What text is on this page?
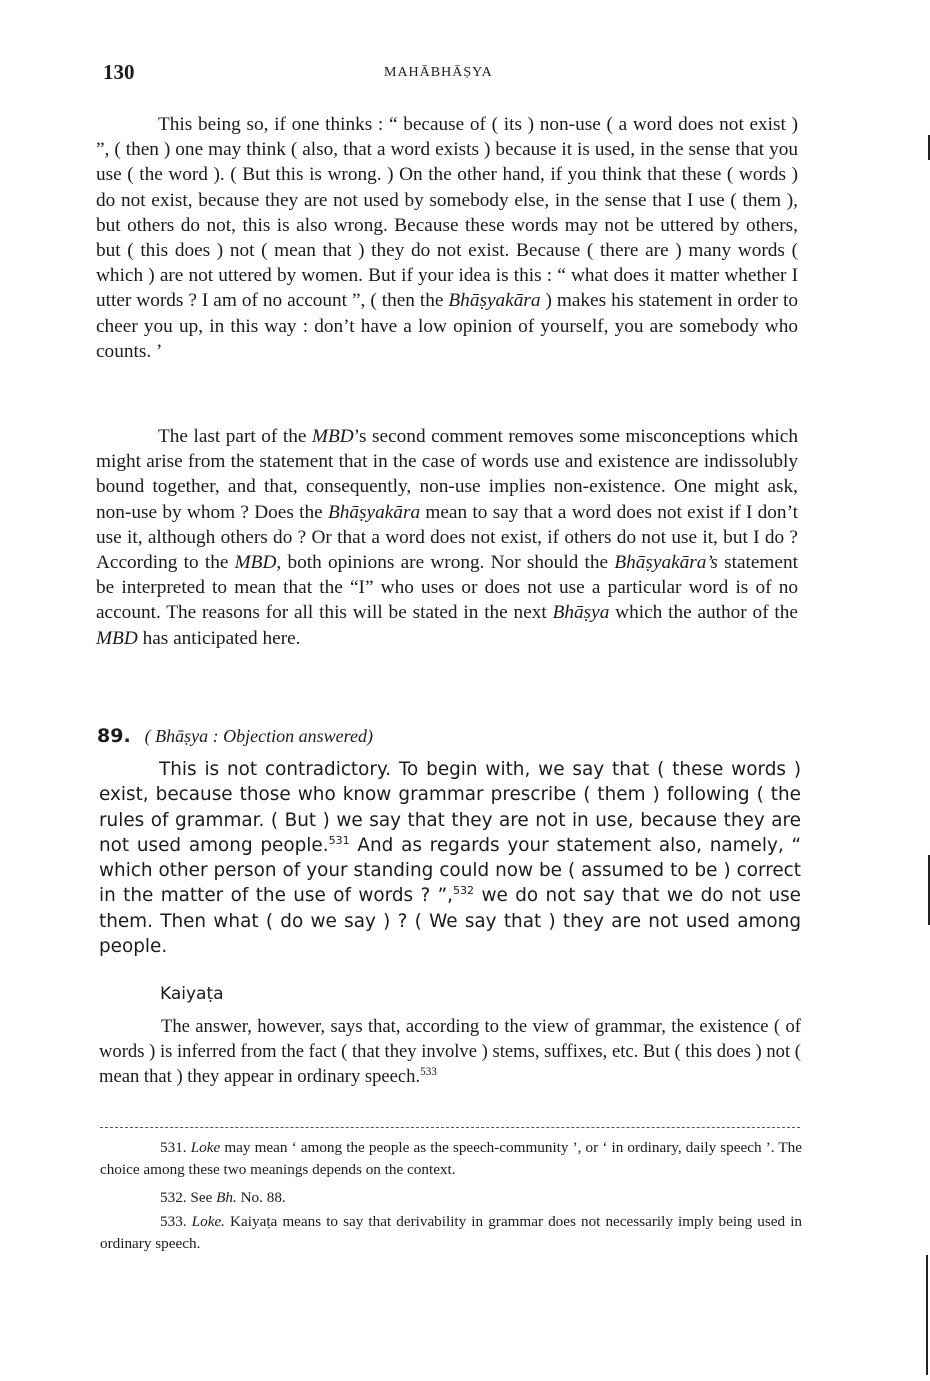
130	MAHĀBHĀṢYA

This being so, if one thinks : “ because of ( its ) non-use ( a word does not exist ) ”, ( then ) one may think ( also, that a word exists ) because it is used, in the sense that you use ( the word ). ( But this is wrong. ) On the other hand, if you think that these ( words ) do not exist, because they are not used by somebody else, in the sense that I use ( them ), but others do not, this is also wrong. Because these words may not be uttered by others, but ( this does ) not ( mean that ) they do not exist. Because ( there are ) many words ( which ) are not uttered by women. But if your idea is this : “ what does it matter whether I utter words ? I am of no account ”, ( then the Bhāṣyakāra ) makes his statement in order to cheer you up, in this way : don’t have a low opinion of yourself, you are somebody who counts. ’

The last part of the MBD’s second comment removes some misconceptions which might arise from the statement that in the case of words use and existence are indissolubly bound together, and that, consequently, non-use implies non-existence. One might ask, non-use by whom ? Does the Bhāṣyakāra mean to say that a word does not exist if I don’t use it, although others do ? Or that a word does not exist, if others do not use it, but I do ? According to the MBD, both opinions are wrong. Nor should the Bhāṣyakāra’s statement be interpreted to mean that the “I” who uses or does not use a particular word is of no account. The reasons for all this will be stated in the next Bhāṣya which the author of the MBD has anticipated here.

89. ( Bhāṣya : Objection answered)

This is not contradictory. To begin with, we say that ( these words ) exist, because those who know grammar prescribe ( them ) following ( the rules of grammar. ( But ) we say that they are not in use, because they are not used among people.$^{531}$ And as regards your statement also, namely, “ which other person of your standing could now be ( assumed to be ) correct in the matter of the use of words ? ”,$^{532}$ we do not say that we do not use them. Then what ( do we say ) ? ( We say that ) they are not used among people.

Kaiyaṭa

The answer, however, says that, according to the view of grammar, the existence ( of words ) is inferred from the fact ( that they involve ) stems, suffixes, etc. But ( this does ) not ( mean that ) they appear in ordinary speech.$^{533}$

531. Loke may mean ‘ among the people as the speech-community ’, or ‘ in ordinary, daily speech ’. The choice among these two meanings depends on the context.

532. See Bh. No. 88.

533. Loke. Kaiyaṭa means to say that derivability in grammar does not necessarily imply being used in ordinary speech.
